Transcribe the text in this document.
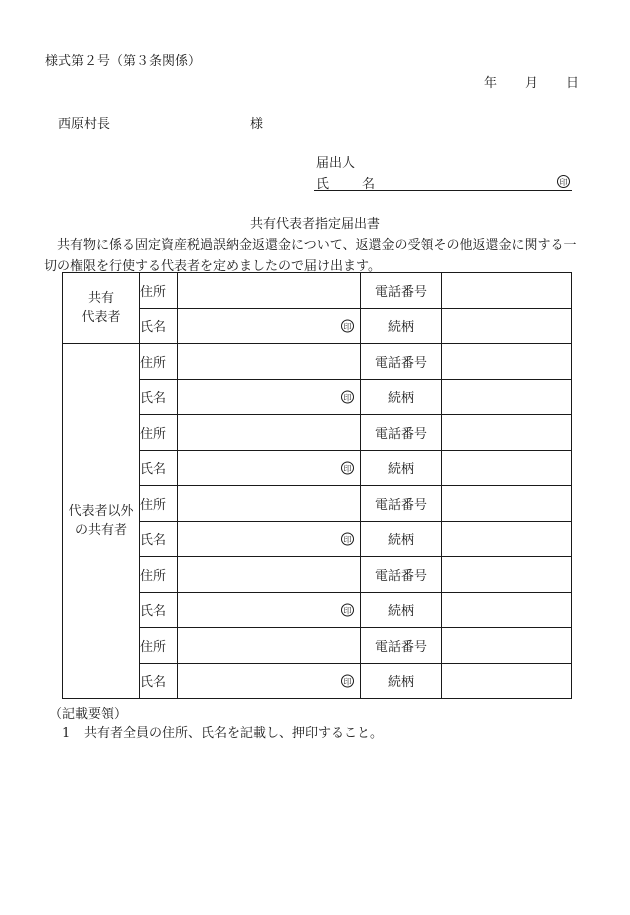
様式第２号（第３条関係）
年 月 日
西原村長	様
届出人
氏　名	印
共有代表者指定届出書
共有物に係る固定資産税過誤納金返還金について、返還金の受領その他返還金に関する一切の権限を行使する代表者を定めましたので届け出ます。
共有
代表者	住所		電話番号	
	氏名	印	続柄	
代表者以外
の共有者	住所		電話番号	
	氏名	印	続柄	
	住所		電話番号	
	氏名	印	続柄	
	住所		電話番号	
	氏名	印	続柄	
	住所		電話番号	
	氏名	印	続柄	
	住所		電話番号	
	氏名	印	続柄	
（記載要領）
1 共有者全員の住所、氏名を記載し、押印すること。
